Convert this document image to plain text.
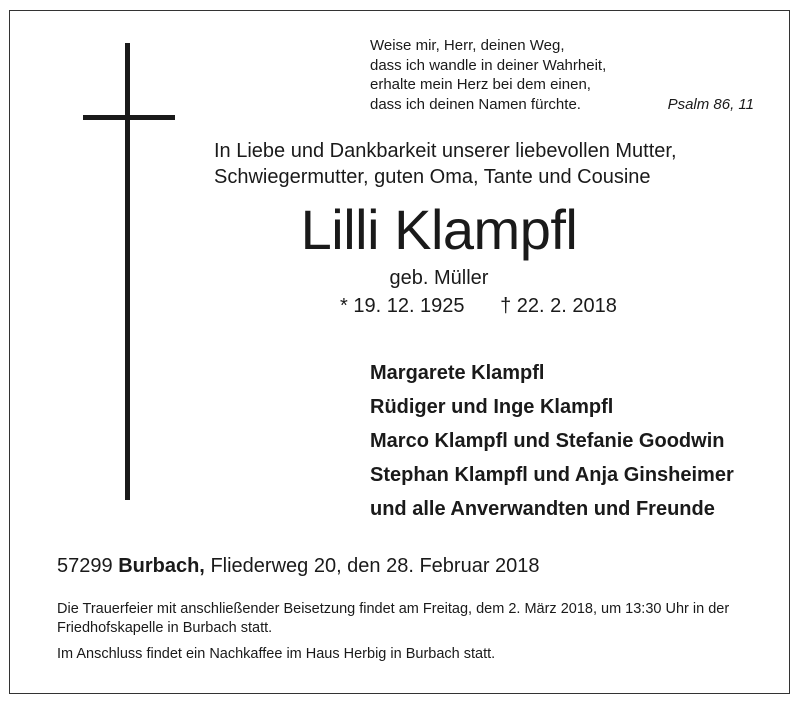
Weise mir, Herr, deinen Weg,
dass ich wandle in deiner Wahrheit,
erhalte mein Herz bei dem einen,
dass ich deinen Namen fürchte.	Psalm 86, 11
In Liebe und Dankbarkeit unserer liebevollen Mutter,
Schwiegermutter, guten Oma, Tante und Cousine
Lilli Klampfl
geb. Müller
* 19. 12. 1925 † 22. 2. 2018
Margarete Klampfl
Rüdiger und Inge Klampfl
Marco Klampfl und Stefanie Goodwin
Stephan Klampfl und Anja Ginsheimer
und alle Anverwandten und Freunde
57299 Burbach, Fliederweg 20, den 28. Februar 2018

Die Trauerfeier mit anschließender Beisetzung findet am Freitag, dem 2. März 2018, um 13:30 Uhr in der Friedhofskapelle in Burbach statt.

Im Anschluss findet ein Nachkaffee im Haus Herbig in Burbach statt.
